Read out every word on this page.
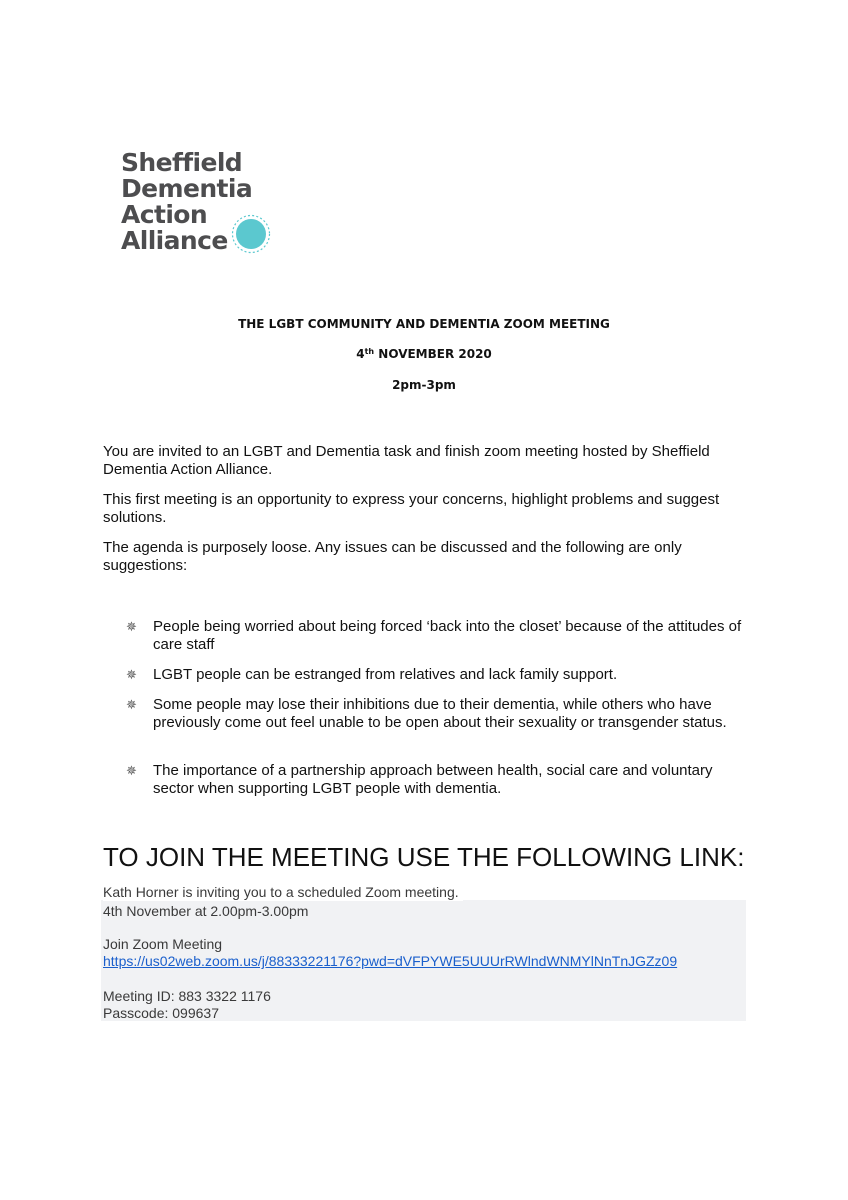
Sheffield
Dementia
Action
Alliance
THE LGBT COMMUNITY AND DEMENTIA ZOOM MEETING
4th NOVEMBER 2020
2pm-3pm
You are invited to an LGBT and Dementia task and finish zoom meeting hosted by Sheffield Dementia Action Alliance.
This first meeting is an opportunity to express your concerns, highlight problems and suggest solutions.
The agenda is purposely loose. Any issues can be discussed and the following are only suggestions:
✵ People being worried about being forced ‘back into the closet’ because of the attitudes of care staff
✵ LGBT people can be estranged from relatives and lack family support.
✵ Some people may lose their inhibitions due to their dementia, while others who have previously come out feel unable to be open about their sexuality or transgender status.
✵ The importance of a partnership approach between health, social care and voluntary sector when supporting LGBT people with dementia.
TO JOIN THE MEETING USE THE FOLLOWING LINK:
Kath Horner is inviting you to a scheduled Zoom meeting.
4th November at 2.00pm-3.00pm
Join Zoom Meeting
https://us02web.zoom.us/j/88333221176?pwd=dVFPYWE5UUUrRWlndWNMYlNnTnJGZz09
Meeting ID: 883 3322 1176
Passcode: 099637
